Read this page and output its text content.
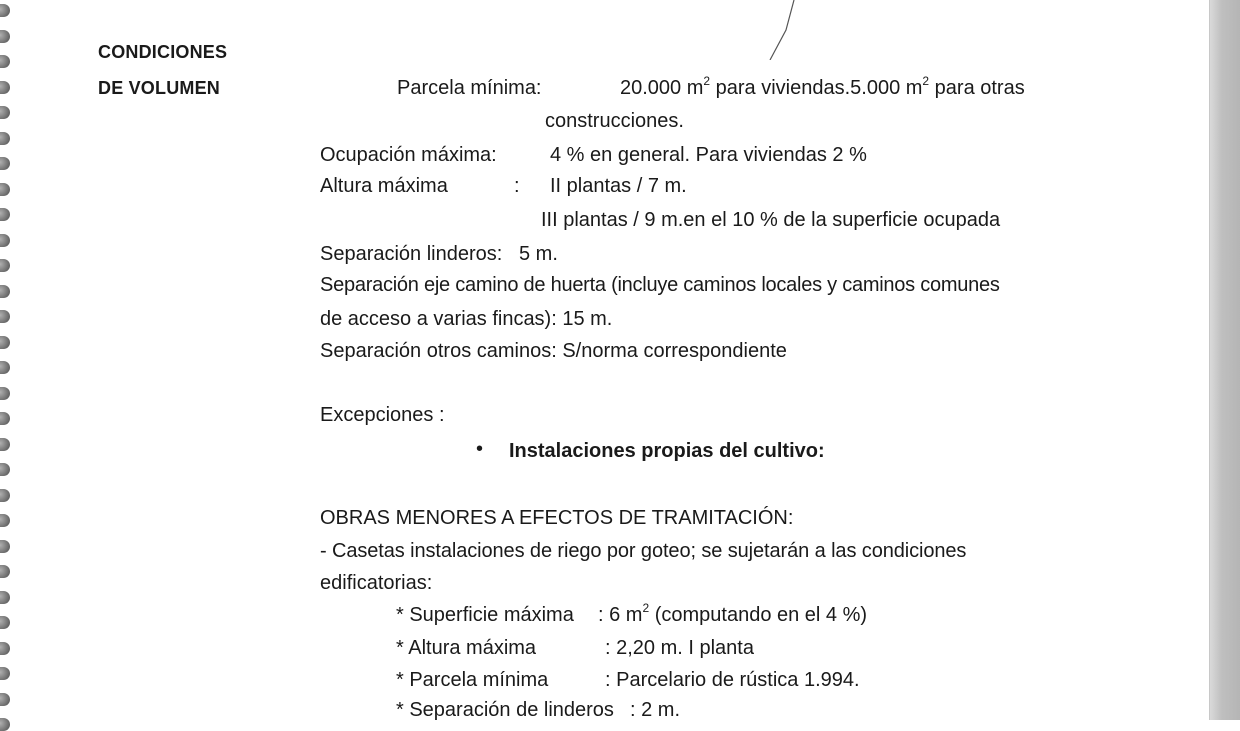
CONDICIONES
DE VOLUMEN	Parcela mínima:	20.000 $m^2$ para viviendas.5.000 $m^2$ para otras
construcciones.
Ocupación máxima:	4 % en general. Para viviendas 2 %
Altura máxima	: II plantas / 7 m.
III plantas / 9 m.en el 10 % de la superficie ocupada
Separación linderos: 5 m.
Separación eje camino de huerta (incluye caminos locales y caminos comunes
de acceso a varias fincas): 15 m.
Separación otros caminos: S/norma correspondiente
Excepciones :
• Instalaciones propias del cultivo:
OBRAS MENORES A EFECTOS DE TRAMITACIÓN:
- Casetas instalaciones de riego por goteo; se sujetarán a las condiciones
edificatorias:
* Superficie máxima : 6 $m^2$ (computando en el 4 %)
* Altura máxima	: 2,20 m. I planta
* Parcela mínima	: Parcelario de rústica 1.994.
* Separación de linderos : 2 m.
